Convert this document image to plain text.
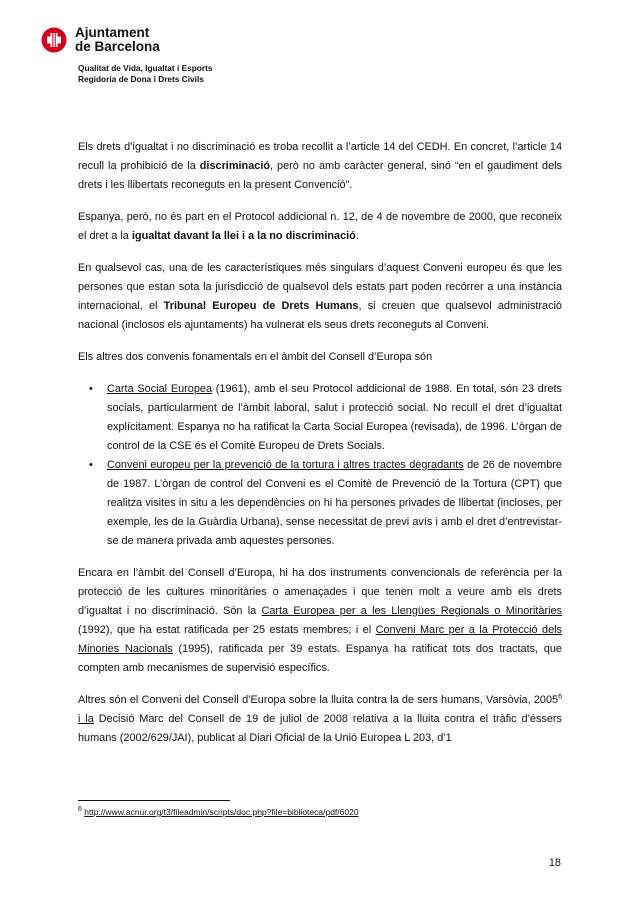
Ajuntament
de Barcelona
Qualitat de Vida, Igualtat i Esports
Regidoria de Dona i Drets Civils

Els drets d’igualtat i no discriminació es troba recollit a l’article 14 del CEDH. En concret, l’article 14 recull la prohibició de la discriminació, però no amb caràcter general, sinó “en el gaudiment dels drets i les llibertats reconeguts en la present Convenció”.

Espanya, però, no és part en el Protocol addicional n. 12, de 4 de novembre de 2000, que reconeix el dret a la igualtat davant la llei i a la no discriminació.

En qualsevol cas, una de les característiques més singulars d’aquest Conveni europeu és que les persones que estan sota la jurisdicció de qualsevol dels estats part poden recórrer a una instància internacional, el Tribunal Europeu de Drets Humans, si creuen que qualsevol administració nacional (inclosos els ajuntaments) ha vulnerat els seus drets reconeguts al Conveni.

Els altres dos convenis fonamentals en el àmbit del Consell d’Europa són

• Carta Social Europea (1961), amb el seu Protocol addicional de 1988. En total, són 23 drets socials, particularment de l’àmbit laboral, salut i protecció social. No recull el dret d’igualtat explícitament. Espanya no ha ratificat la Carta Social Europea (revisada), de 1996. L’òrgan de control de la CSE és el Comitè Europeu de Drets Socials.
• Conveni europeu per la prevenció de la tortura i altres tractes degradants de 26 de novembre de 1987. L’òrgan de control del Conveni es el Comitè de Prevenció de la Tortura (CPT) que realitza visites in situ a les dependències on hi ha persones privades de llibertat (incloses, per exemple, les de la Guàrdia Urbana), sense necessitat de previ avís i amb el dret d’entrevistar-se de manera privada amb aquestes persones.

Encara en l’àmbit del Consell d’Europa, hi ha dos instruments convencionals de referència per la protecció de les cultures minoritàries o amenaçades i que tenen molt a veure amb els drets d’igualtat i no discriminació. Són la Carta Europea per a les Llengües Regionals o Minoritàries (1992), que ha estat ratificada per 25 estats membres; i el Conveni Marc per a la Protecció dels Minories Nacionals (1995), ratificada per 39 estats. Espanya ha ratificat tots dos tractats, que compten amb mecanismes de supervisió específics.

Altres són el Conveni del Consell d’Europa sobre la lluita contra la de sers humans, Varsòvia, 2005$^6$ i la Decisió Marc del Consell de 19 de juliol de 2008 relativa a la lluita contra el tràfic d’éssers humans (2002/629/JAI), publicat al Diari Oficial de la Unió Europea L 203, d’1

$^6$ http://www.acnur.org/t3/fileadmin/scripts/doc.php?file=biblioteca/pdf/6020
18
